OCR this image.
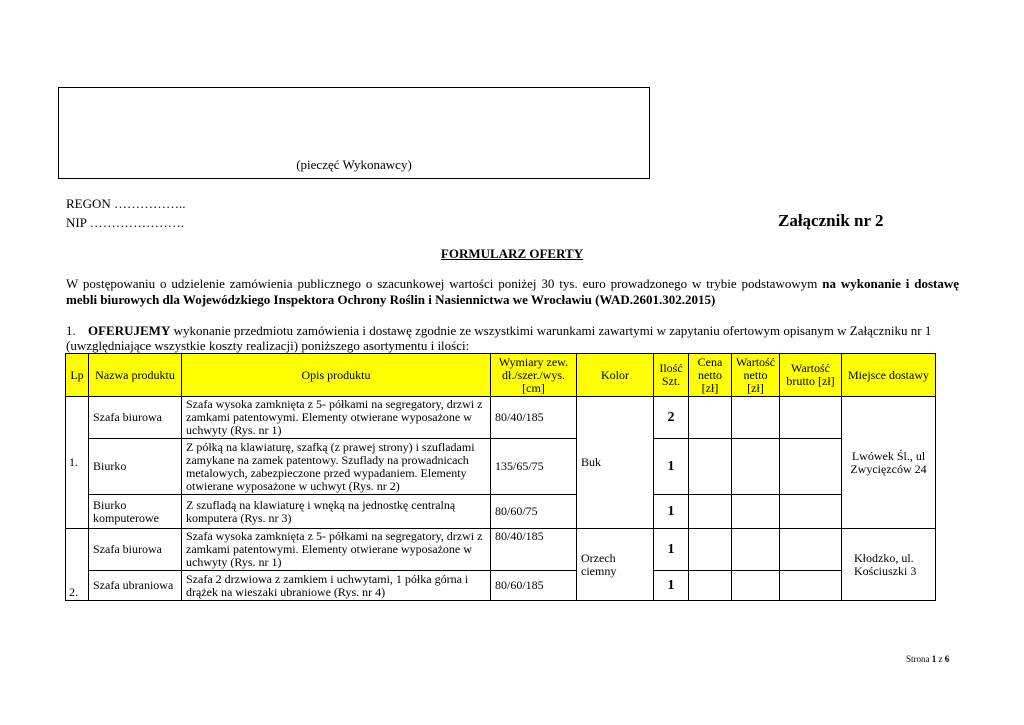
(pieczęć Wykonawcy)
REGON ……………..
NIP ………………….	Załącznik nr 2
FORMULARZ OFERTY
W postępowaniu o udzielenie zamówienia publicznego o szacunkowej wartości poniżej 30 tys. euro prowadzonego w trybie podstawowym na wykonanie i dostawę mebli biurowych dla Wojewódzkiego Inspektora Ochrony Roślin i Nasiennictwa we Wrocławiu (WAD.2601.302.2015)
1. OFERUJEMY wykonanie przedmiotu zamówienia i dostawę zgodnie ze wszystkimi warunkami zawartymi w zapytaniu ofertowym opisanym w Załączniku nr 1 (uwzględniające wszystkie koszty realizacji) poniższego asortymentu i ilości:
Lp	Nazwa produktu	Opis produktu	Wymiary zew. dł./szer./wys. [cm]	Kolor	Ilość Szt.	Cena netto [zł]	Wartość netto [zł]	Wartość brutto [zł]	Miejsce dostawy
1.	Szafa biurowa	Szafa wysoka zamknięta z 5- półkami na segregatory, drzwi z zamkami patentowymi. Elementy otwierane wyposażone w uchwyty (Rys. nr 1)	80/40/185	Buk	2				Lwówek Śl., ul Zwycięzców 24
	Biurko	Z półką na klawiaturę, szafką (z prawej strony) i szufladami zamykane na zamek patentowy. Szuflady na prowadnicach metalowych, zabezpieczone przed wypadaniem. Elementy otwierane wyposażone w uchwyt (Rys. nr 2)	135/65/75		1				
	Biurko komputerowe	Z szufladą na klawiaturę i wnęką na jednostkę centralną komputera (Rys. nr 3)	80/60/75		1				
2.	Szafa biurowa	Szafa wysoka zamknięta z 5- półkami na segregatory, drzwi z zamkami patentowymi. Elementy otwierane wyposażone w uchwyty (Rys. nr 1)	80/40/185	Orzech ciemny	1				Kłodzko, ul. Kościuszki 3
	Szafa ubraniowa	Szafa 2 drzwiowa z zamkiem i uchwytami, 1 półka górna i drążek na wieszaki ubraniowe (Rys. nr 4)	80/60/185		1				
Strona 1 z 6
